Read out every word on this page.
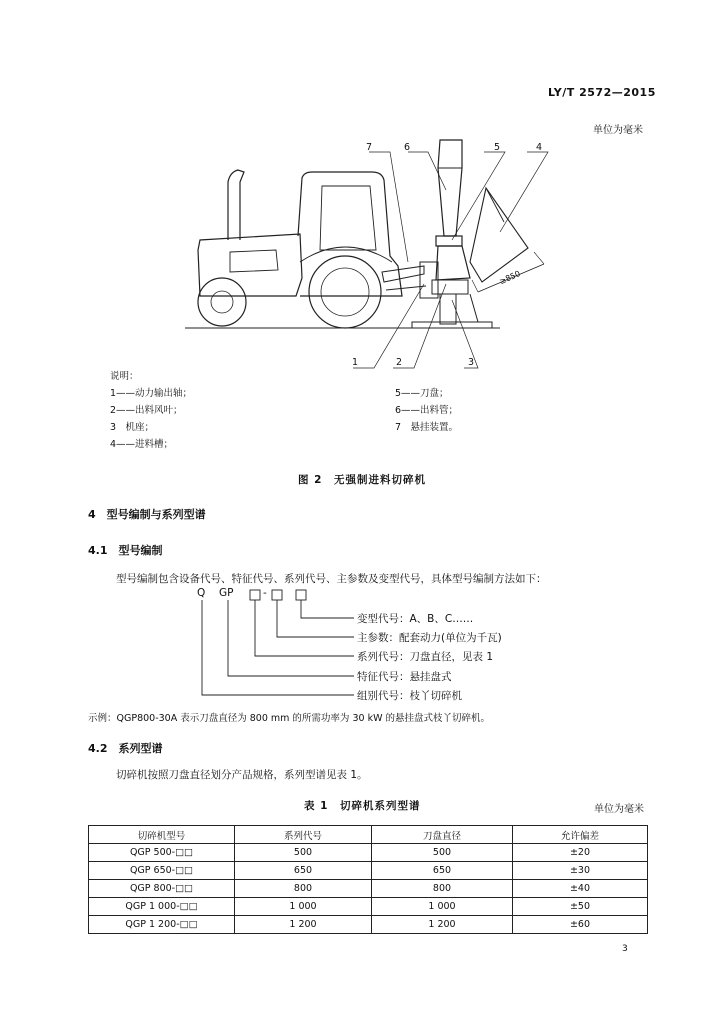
LY/T 2572—2015
单位为毫米
7	6	5	4
1	2	3
≥850
说明：
1——动力输出轴；
2——出料风叶；
3　机座；
4——进料槽；
5——刀盘；
6——出料管；
7　悬挂装置。
图 2　无强制进料切碎机
4　型号编制与系列型谱
4.1　型号编制
型号编制包含设备代号、特征代号、系列代号、主参数及变型代号，具体型号编制方法如下：
Q GP	-
变型代号：A、B、C……
主参数：配套动力(单位为千瓦)
系列代号：刀盘直径，见表 1
特征代号：悬挂盘式
组别代号：枝丫切碎机
示例：QGP800-30A 表示刀盘直径为 800 mm 的所需功率为 30 kW 的悬挂盘式枝丫切碎机。
4.2　系列型谱
切碎机按照刀盘直径划分产品规格，系列型谱见表 1。
表 1　切碎机系列型谱	单位为毫米
切碎机型号	系列代号	刀盘直径	允许偏差
QGP 500-□□	500	500	±20
QGP 650-□□	650	650	±30
QGP 800-□□	800	800	±40
QGP 1 000-□□	1 000	1 000	±50
QGP 1 200-□□	1 200	1 200	±60
3
